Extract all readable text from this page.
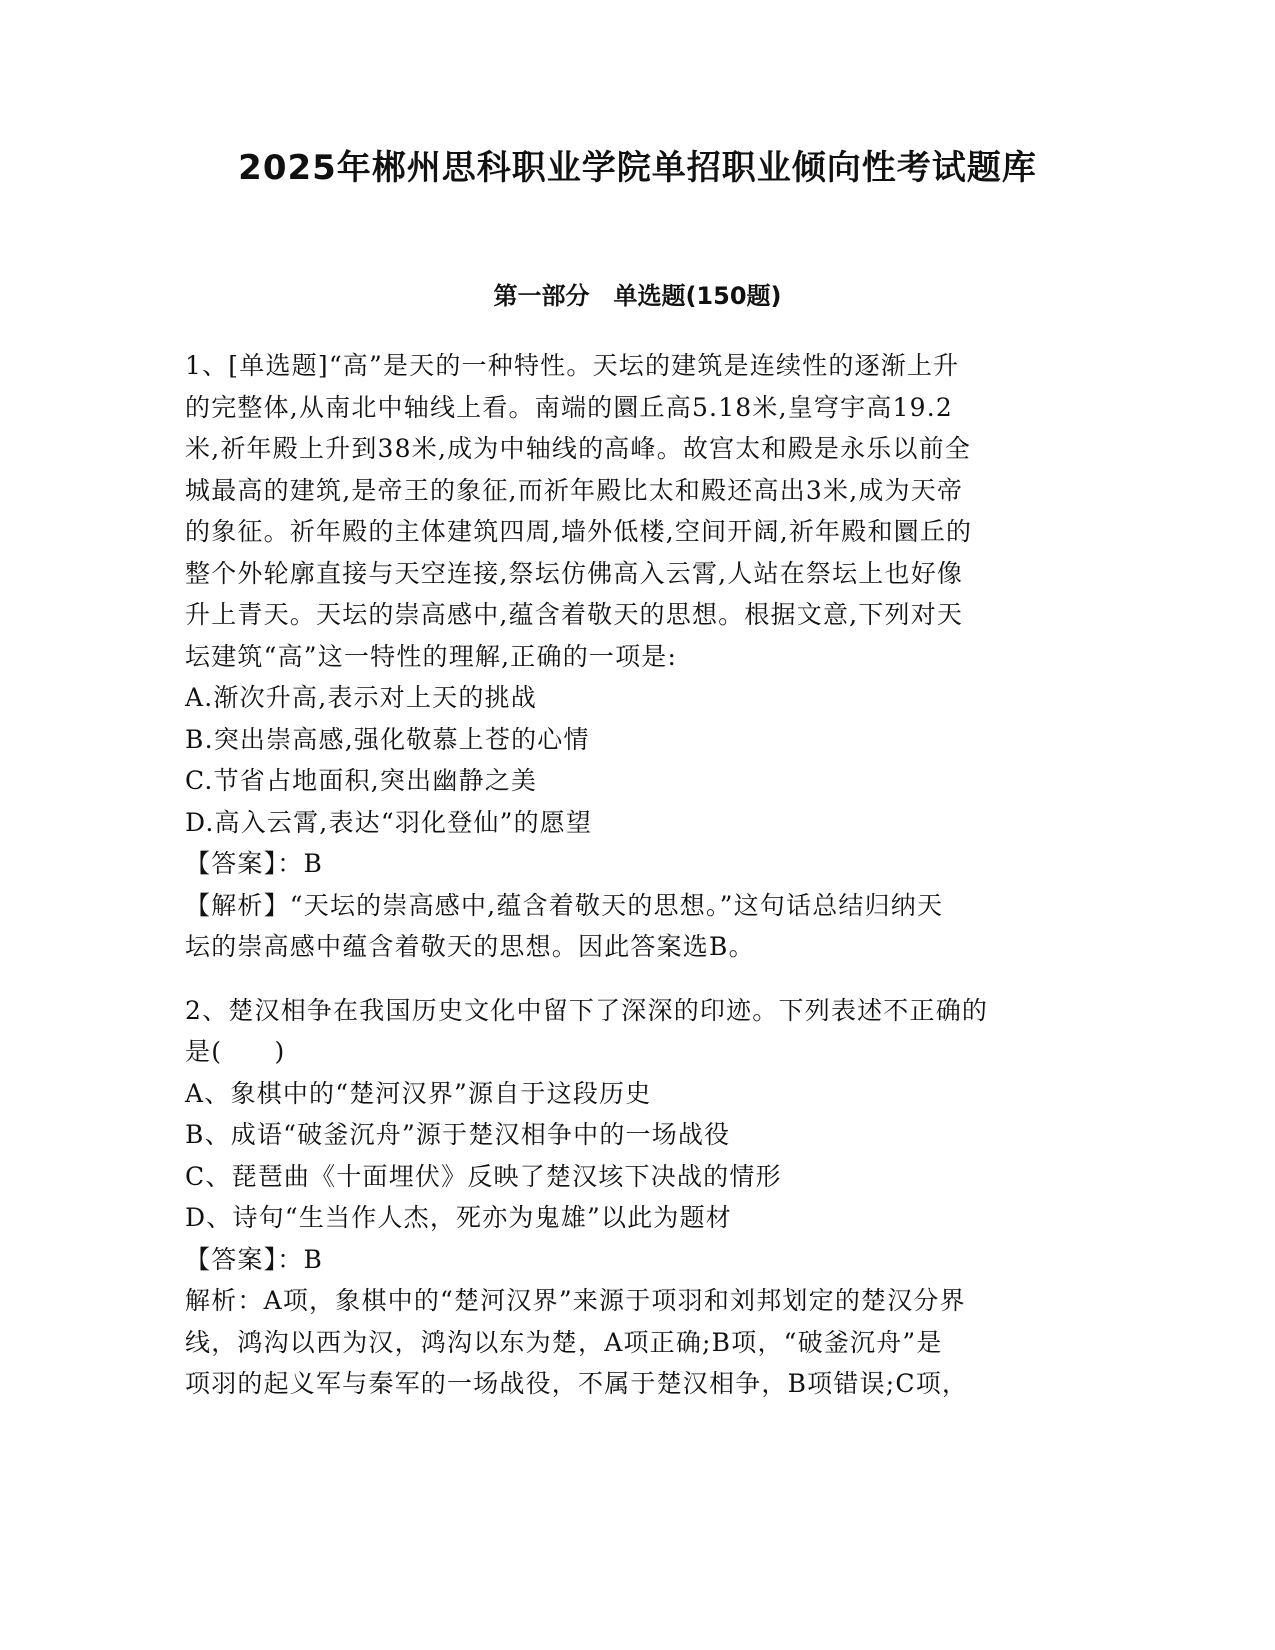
2025年郴州思科职业学院单招职业倾向性考试题库
第一部分　单选题(150题)
1、[单选题]“高”是天的一种特性。天坛的建筑是连续性的逐渐上升
的完整体,从南北中轴线上看。南端的圜丘高5.18米,皇穹宇高19.2
米,祈年殿上升到38米,成为中轴线的高峰。故宫太和殿是永乐以前全
城最高的建筑,是帝王的象征,而祈年殿比太和殿还高出3米,成为天帝
的象征。祈年殿的主体建筑四周,墙外低楼,空间开阔,祈年殿和圜丘的
整个外轮廓直接与天空连接,祭坛仿佛高入云霄,人站在祭坛上也好像
升上青天。天坛的崇高感中,蕴含着敬天的思想。根据文意,下列对天
坛建筑“高”这一特性的理解,正确的一项是:
A.渐次升高,表示对上天的挑战
B.突出崇高感,强化敬慕上苍的心情
C.节省占地面积,突出幽静之美
D.高入云霄,表达“羽化登仙”的愿望
【答案】：B
【解析】“天坛的崇高感中,蕴含着敬天的思想。”这句话总结归纳天
坛的崇高感中蕴含着敬天的思想。因此答案选B。
2、楚汉相争在我国历史文化中留下了深深的印迹。下列表述不正确的
是(　　)
A、象棋中的“楚河汉界”源自于这段历史
B、成语“破釜沉舟”源于楚汉相争中的一场战役
C、琵琶曲《十面埋伏》反映了楚汉垓下决战的情形
D、诗句“生当作人杰，死亦为鬼雄”以此为题材
【答案】：B
解析：A项，象棋中的“楚河汉界”来源于项羽和刘邦划定的楚汉分界
线，鸿沟以西为汉，鸿沟以东为楚，A项正确;B项，“破釜沉舟”是
项羽的起义军与秦军的一场战役，不属于楚汉相争，B项错误;C项，
